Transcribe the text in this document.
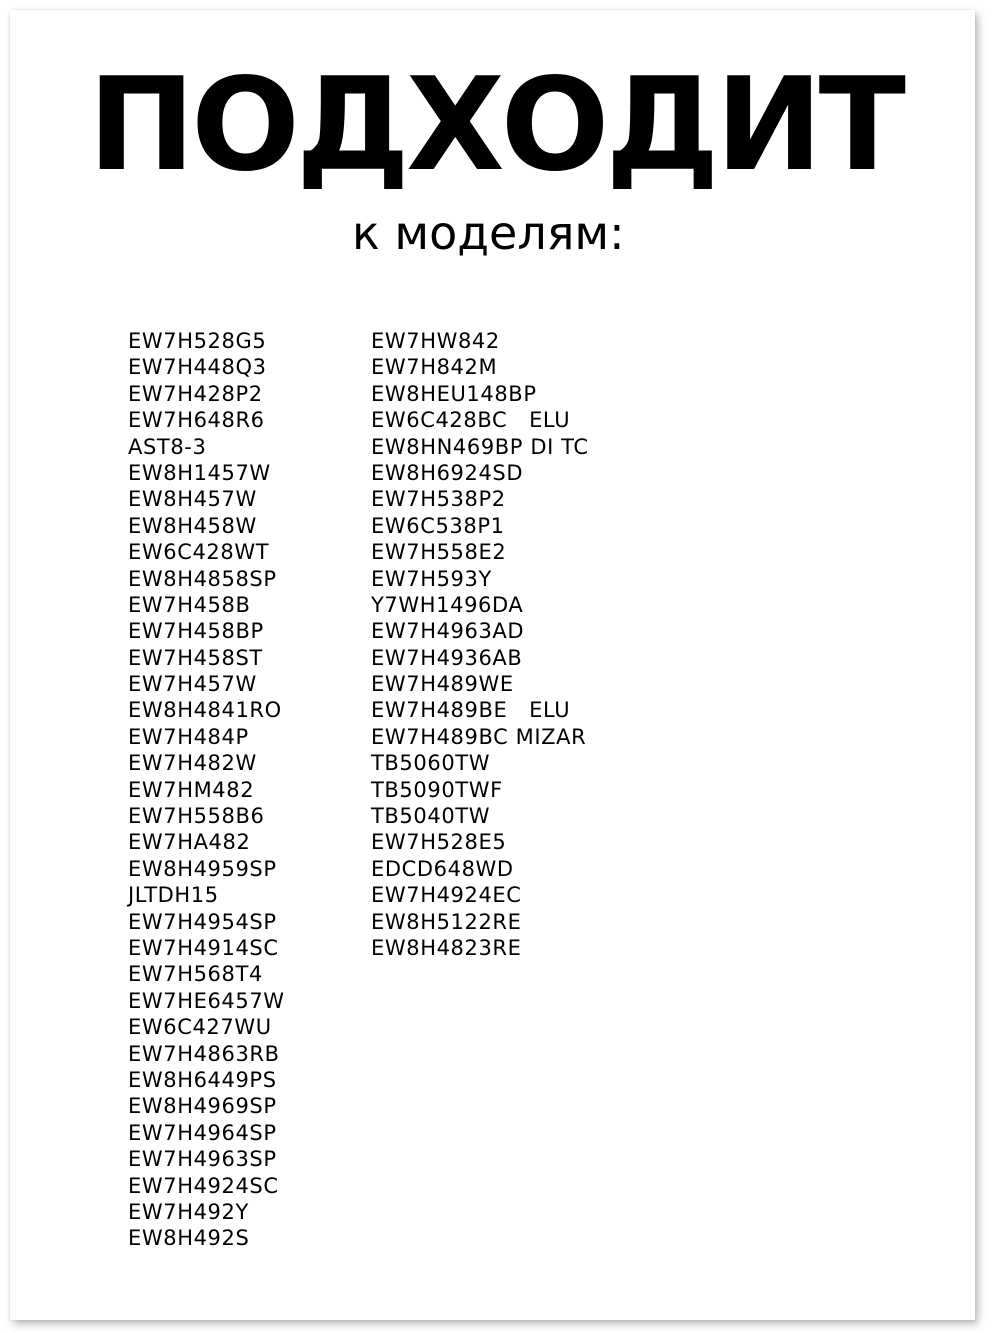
ПОДХОДИТ
к моделям:
EW7H528G5
EW7H448Q3
EW7H428P2
EW7H648R6
AST8-3
EW8H1457W
EW8H457W
EW8H458W
EW6C428WT
EW8H4858SP
EW7H458B
EW7H458BP
EW7H458ST
EW7H457W
EW8H4841RO
EW7H484P
EW7H482W
EW7HM482
EW7H558B6
EW7HA482
EW8H4959SP
JLTDH15
EW7H4954SP
EW7H4914SC
EW7H568T4
EW7HE6457W
EW6C427WU
EW7H4863RB
EW8H6449PS
EW8H4969SP
EW7H4964SP
EW7H4963SP
EW7H4924SC
EW7H492Y
EW8H492S
EW7HW842
EW7H842M
EW8HEU148BP
EW6C428BC   ELU
EW8HN469BP DI TC
EW8H6924SD
EW7H538P2
EW6C538P1
EW7H558E2
EW7H593Y
Y7WH1496DA
EW7H4963AD
EW7H4936AB
EW7H489WE
EW7H489BE   ELU
EW7H489BC MIZAR
TB5060TW
TB5090TWF
TB5040TW
EW7H528E5
EDCD648WD
EW7H4924EC
EW8H5122RE
EW8H4823RE
